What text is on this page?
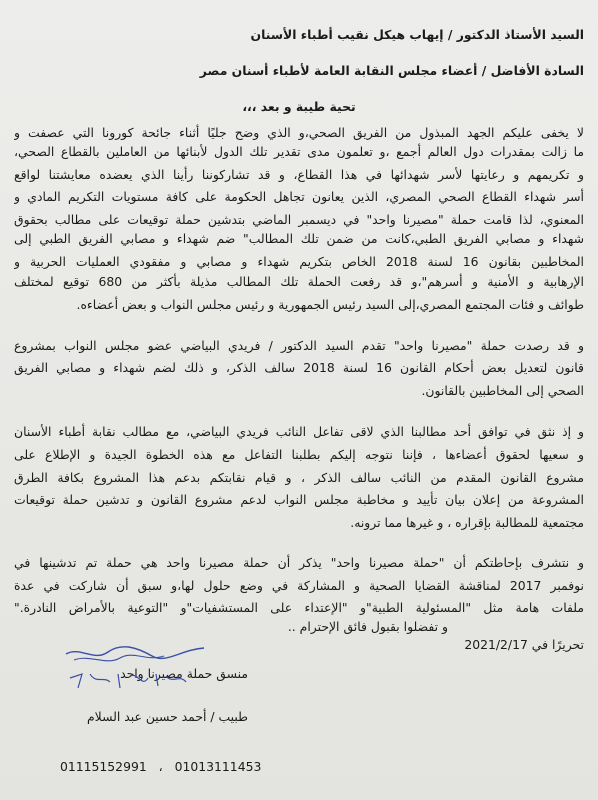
السيد الأستاذ الدكتور / إيهاب هيكل نقيب أطباء الأسنان
السادة الأفاضل / أعضاء مجلس النقابة العامة لأطباء أسنان مصر
تحية طيبة و بعد ،،،
لا يخفى عليكم الجهد المبذول من الفريق الصحي،و الذي وضح جليًا أثناء جائحة كورونا التي عصفت و
ما زالت بمقدرات دول العالم أجمع ،و تعلمون مدى تقدير تلك الدول لأبنائها من العاملين بالقطاع الصحي،
و تكريمهم و رعايتها لأسر شهدائها في هذا القطاع، و قد تشاركوننا رأينا الذي يعضده معايشتنا لواقع
أسر شهداء القطاع الصحي المصري، الذين يعانون تجاهل الحكومة على كافة مستويات التكريم المادي و
المعنوي، لذا قامت حملة "مصيرنا واحد" في ديسمبر الماضي بتدشين حملة توقيعات على مطالب بحقوق
شهداء و مصابي الفريق الطبي،كانت من ضمن تلك المطالب" ضم شهداء و مصابي الفريق الطبي إلى
المخاطبين بقانون 16 لسنة 2018 الخاص بتكريم شهداء و مصابي و مفقودي العمليات الحربية و
الإرهابية و الأمنية و أسرهم"،و قد رفعت الحملة تلك المطالب مذيلة بأكثر من 680 توقيع لمختلف
طوائف و فئات المجتمع المصري،إلى السيد رئيس الجمهورية و رئيس مجلس النواب و بعض أعضاءه.
و قد رصدت حملة "مصيرنا واحد" تقدم السيد الدكتور / فريدي البياضي عضو مجلس النواب بمشروع
قانون لتعديل بعض أحكام القانون 16 لسنة 2018 سالف الذكر، و ذلك لضم شهداء و مصابي الفريق
الصحي إلى المخاطبين بالقانون.
و إذ نثق في توافق أحد مطالبنا الذي لاقى تفاعل النائب فريدي البياضي، مع مطالب نقابة أطباء الأسنان
و سعيها لحقوق أعضاءها ، فإننا نتوجه إليكم بطلبنا التفاعل مع هذه الخطوة الجيدة و الإطلاع على
مشروع القانون المقدم من النائب سالف الذكر ، و قيام نقابتكم بدعم هذا المشروع بكافة الطرق
المشروعة من إعلان بيان تأييد و مخاطبة مجلس النواب لدعم مشروع القانون و تدشين حملة توقيعات
مجتمعية للمطالبة بإقراره ، و غيرها مما ترونه.
و نتشرف بإحاطتكم أن "حملة مصيرنا واحد" يذكر أن حملة مصيرنا واحد هي حملة تم تدشينها في
نوفمبر 2017 لمناقشة القضايا الصحية و المشاركة في وضع حلول لها،و سبق أن شاركت في عدة
ملفات هامة مثل "المسئولية الطبية"و "الإعتداء على المستشفيات"و "التوعية بالأمراض النادرة."
و تفضلوا بقبول فائق الإحترام ..
تحريرًا في 2021/2/17
منسق حملة مصيرنا واحد
طبيب / أحمد حسين عبد السلام
01115152991 ، 01013111453
